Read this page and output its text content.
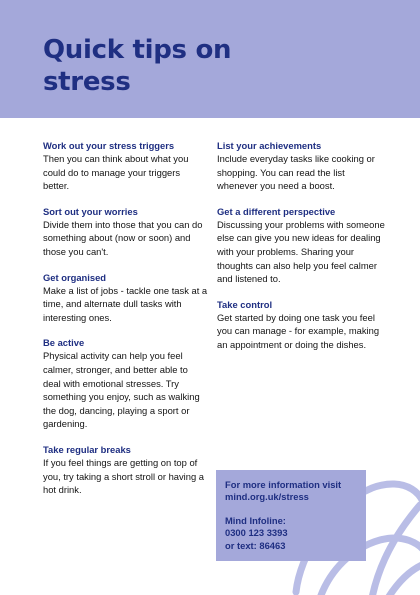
Quick tips on stress

Work out your stress triggers

Then you can think about what you could do to manage your triggers better.

Sort out your worries

Divide them into those that you can do something about (now or soon) and those you can't.

Get organised

Make a list of jobs - tackle one task at a time, and alternate dull tasks with interesting ones.

Be active

Physical activity can help you feel calmer, stronger, and better able to deal with emotional stresses. Try something you enjoy, such as walking the dog, dancing, playing a sport or gardening.

Take regular breaks

If you feel things are getting on top of you, try taking a short stroll or having a hot drink.

List your achievements

Include everyday tasks like cooking or shopping. You can read the list whenever you need a boost.

Get a different perspective

Discussing your problems with someone else can give you new ideas for dealing with your problems. Sharing your thoughts can also help you feel calmer and listened to.

Take control

Get started by doing one task you feel you can manage - for example, making an appointment or doing the dishes.

For more information visit

mind.org.uk/stress

Mind Infoline:

0300 123 3393

or text: 86463
